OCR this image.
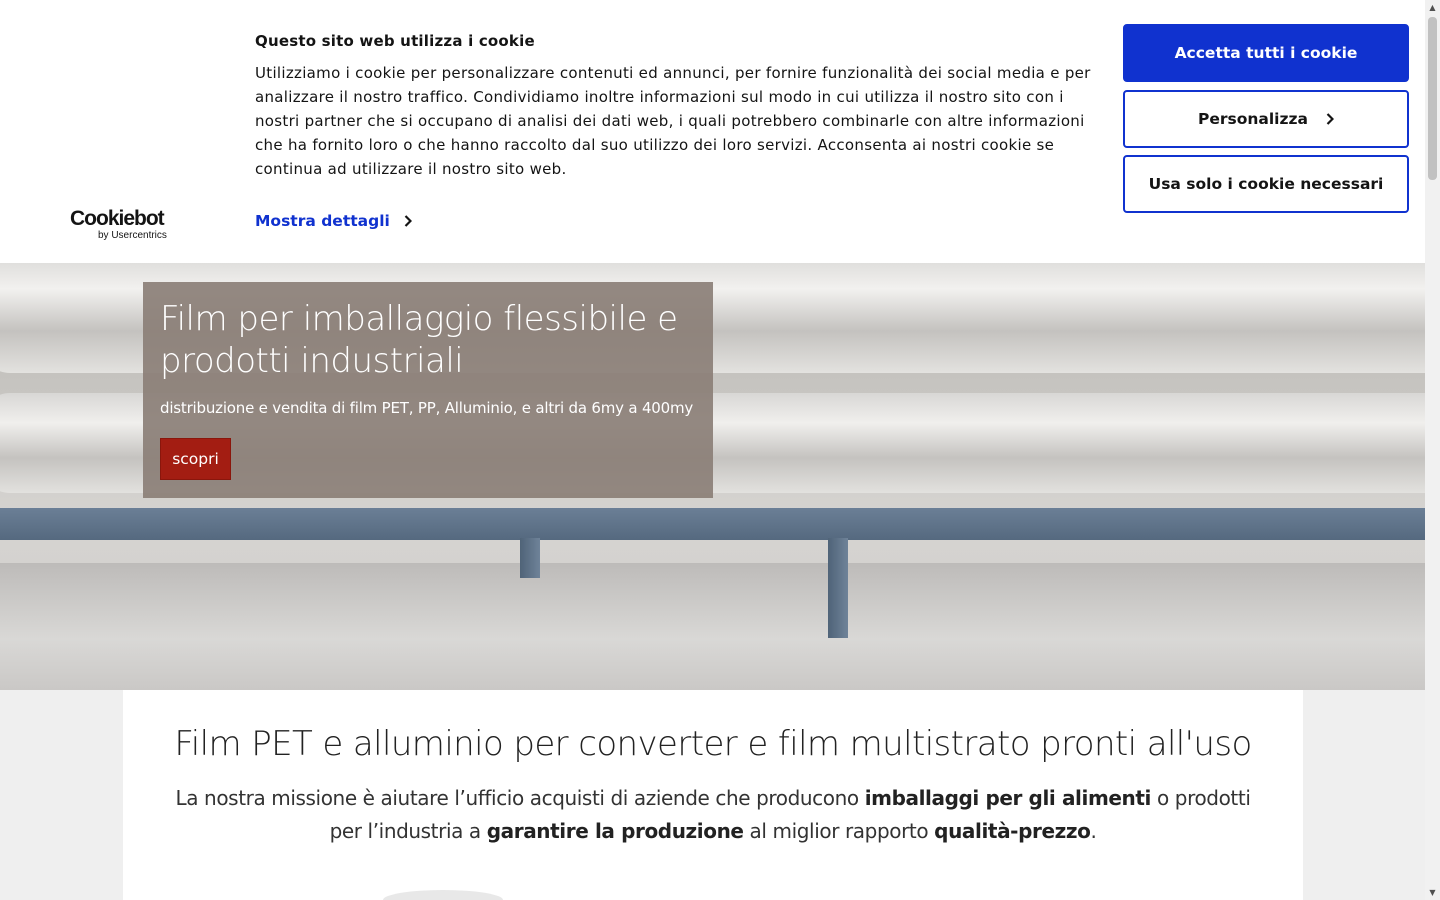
Cookiebot
by Usercentrics
Questo sito web utilizza i cookie
Utilizziamo i cookie per personalizzare contenuti ed annunci, per fornire funzionalità dei social media e per analizzare il nostro traffico. Condividiamo inoltre informazioni sul modo in cui utilizza il nostro sito con i nostri partner che si occupano di analisi dei dati web, i quali potrebbero combinarle con altre informazioni che ha fornito loro o che hanno raccolto dal suo utilizzo dei loro servizi. Acconsenta ai nostri cookie se continua ad utilizzare il nostro sito web.
Mostra dettagli
Accetta tutti i cookie
Personalizza
Usa solo i cookie necessari
Film per imballaggio flessibile e prodotti industriali
distribuzione e vendita di film PET, PP, Alluminio, e altri da 6my a 400my
scopri
Film PET e alluminio per converter e film multistrato pronti all'uso

La nostra missione è aiutare l’ufficio acquisti di aziende che producono imballaggi per gli alimenti o prodotti per l’industria a garantire la produzione al miglior rapporto qualità-prezzo.

▲
▼
